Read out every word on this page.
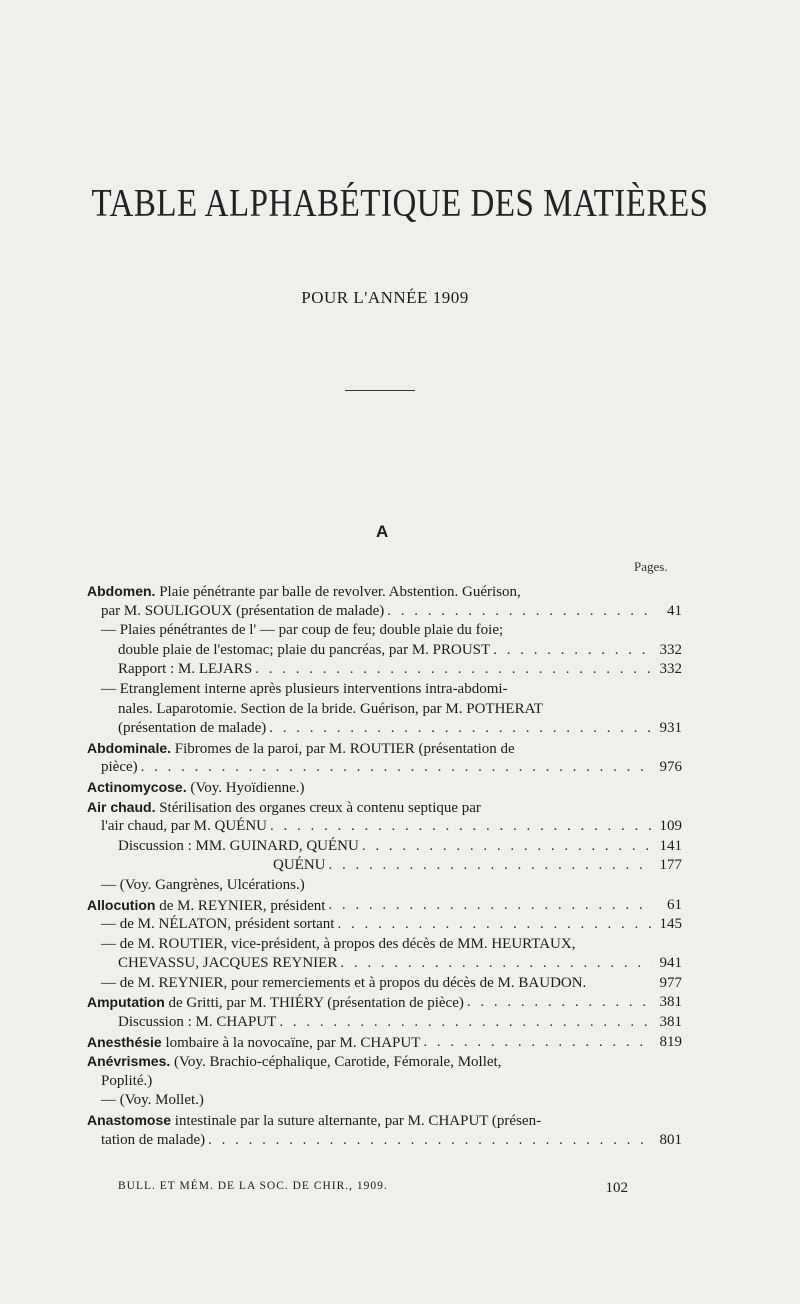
TABLE ALPHABÉTIQUE DES MATIÈRES
POUR L'ANNÉE 1909
A
Pages.
Abdomen. Plaie pénétrante par balle de revolver. Abstention. Guérison,
par M. SOULIGOUX (présentation de malade) . . .	41
— Plaies pénétrantes de l' — par coup de feu; double plaie du foie;
double plaie de l'estomac; plaie du pancréas, par M. PROUST . . .	332
Rapport : M. LEJARS . . .	332
— Etranglement interne après plusieurs interventions intra-abdomi-
nales. Laparotomie. Section de la bride. Guérison, par M. POTHERAT
(présentation de malade) . . .	931
Abdominale. Fibromes de la paroi, par M. ROUTIER (présentation de
pièce) . . .	976
Actinomycose. (Voy. Hyoïdienne.)
Air chaud. Stérilisation des organes creux à contenu septique par
l'air chaud, par M. QUÉNU . . .	109
Discussion : MM. GUINARD, QUÉNU . . .	141
QUÉNU . . .	177
— (Voy. Gangrènes, Ulcérations.)
Allocution de M. REYNIER, président . . .	61
— de M. NÉLATON, président sortant . . .	145
— de M. ROUTIER, vice-président, à propos des décès de MM. HEURTAUX,
CHEVASSU, JACQUES REYNIER . . .	941
— de M. REYNIER, pour remerciements et à propos du décès de M. BAUDON.	977
Amputation de Gritti, par M. THIÉRY (présentation de pièce) . . .	381
Discussion : M. CHAPUT . . .	381
Anesthésie lombaire à la novocaïne, par M. CHAPUT . . .	819
Anévrismes. (Voy. Brachio-céphalique, Carotide, Fémorale, Mollet,
Poplité.)
— (Voy. Mollet.)
Anastomose intestinale par la suture alternante, par M. CHAPUT (présen-
tation de malade) . . .	801
BULL. ET MÉM. DE LA SOC. DE CHIR., 1909.	102
